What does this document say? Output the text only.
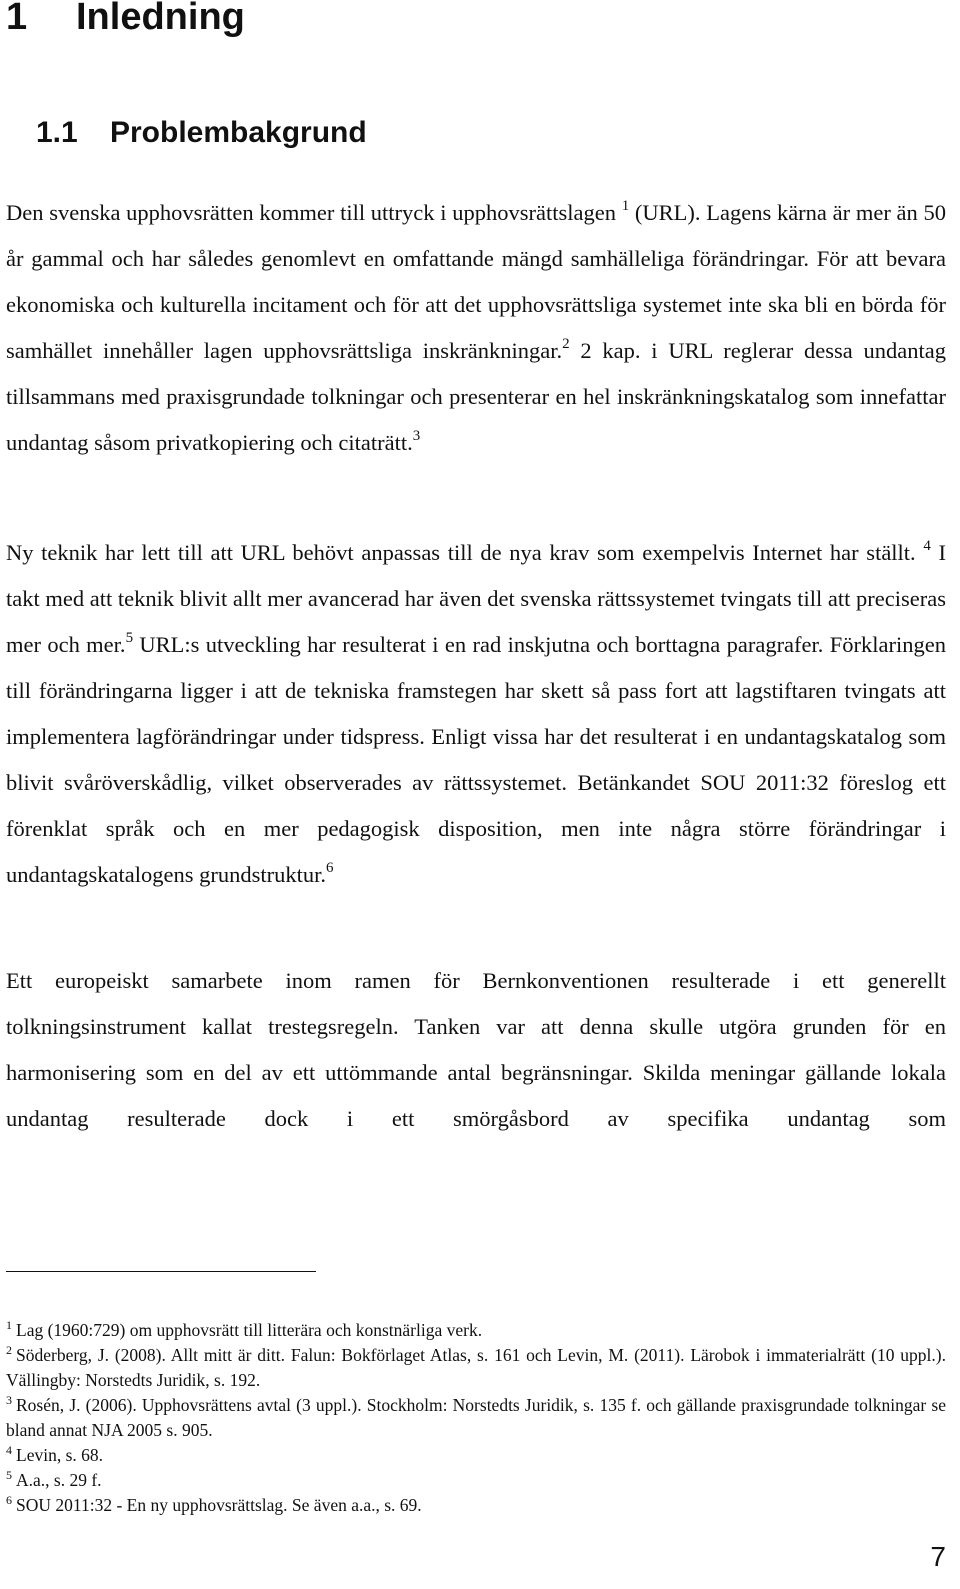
1 Inledning
1.1 Problembakgrund

Den svenska upphovsrätten kommer till uttryck i upphovsrättslagen $^1$ (URL). Lagens kärna är mer än 50 år gammal och har således genomlevt en omfattande mängd samhälleliga förändringar. För att bevara ekonomiska och kulturella incitament och för att det upphovsrättsliga systemet inte ska bli en börda för samhället innehåller lagen upphovsrättsliga inskränkningar.$^2$ 2 kap. i URL reglerar dessa undantag tillsammans med praxisgrundade tolkningar och presenterar en hel inskränkningskatalog som innefattar undantag såsom privatkopiering och citaträtt.$^3$

Ny teknik har lett till att URL behövt anpassas till de nya krav som exempelvis Internet har ställt. $^4$ I takt med att teknik blivit allt mer avancerad har även det svenska rättssystemet tvingats till att preciseras mer och mer.$^5$ URL:s utveckling har resulterat i en rad inskjutna och borttagna paragrafer. Förklaringen till förändringarna ligger i att de tekniska framstegen har skett så pass fort att lagstiftaren tvingats att implementera lagförändringar under tidspress. Enligt vissa har det resulterat i en undantagskatalog som blivit svåröverskådlig, vilket observerades av rättssystemet. Betänkandet SOU 2011:32 föreslog ett förenklat språk och en mer pedagogisk disposition, men inte några större förändringar i undantagskatalogens grundstruktur.$^6$

Ett europeiskt samarbete inom ramen för Bernkonventionen resulterade i ett generellt tolkningsinstrument kallat trestegsregeln. Tanken var att denna skulle utgöra grunden för en harmonisering som en del av ett uttömmande antal begränsningar. Skilda meningar gällande lokala undantag resulterade dock i ett smörgåsbord av specifika undantag som

$^1$ Lag (1960:729) om upphovsrätt till litterära och konstnärliga verk.

$^2$ Söderberg, J. (2008). Allt mitt är ditt. Falun: Bokförlaget Atlas, s. 161 och Levin, M. (2011). Lärobok i immaterialrätt (10 uppl.). Vällingby: Norstedts Juridik, s. 192.

$^3$ Rosén, J. (2006). Upphovsrättens avtal (3 uppl.). Stockholm: Norstedts Juridik, s. 135 f. och gällande praxisgrundade tolkningar se bland annat NJA 2005 s. 905.

$^4$ Levin, s. 68.

$^5$ A.a., s. 29 f.

$^6$ SOU 2011:32 - En ny upphovsrättslag. Se även a.a., s. 69.

7
